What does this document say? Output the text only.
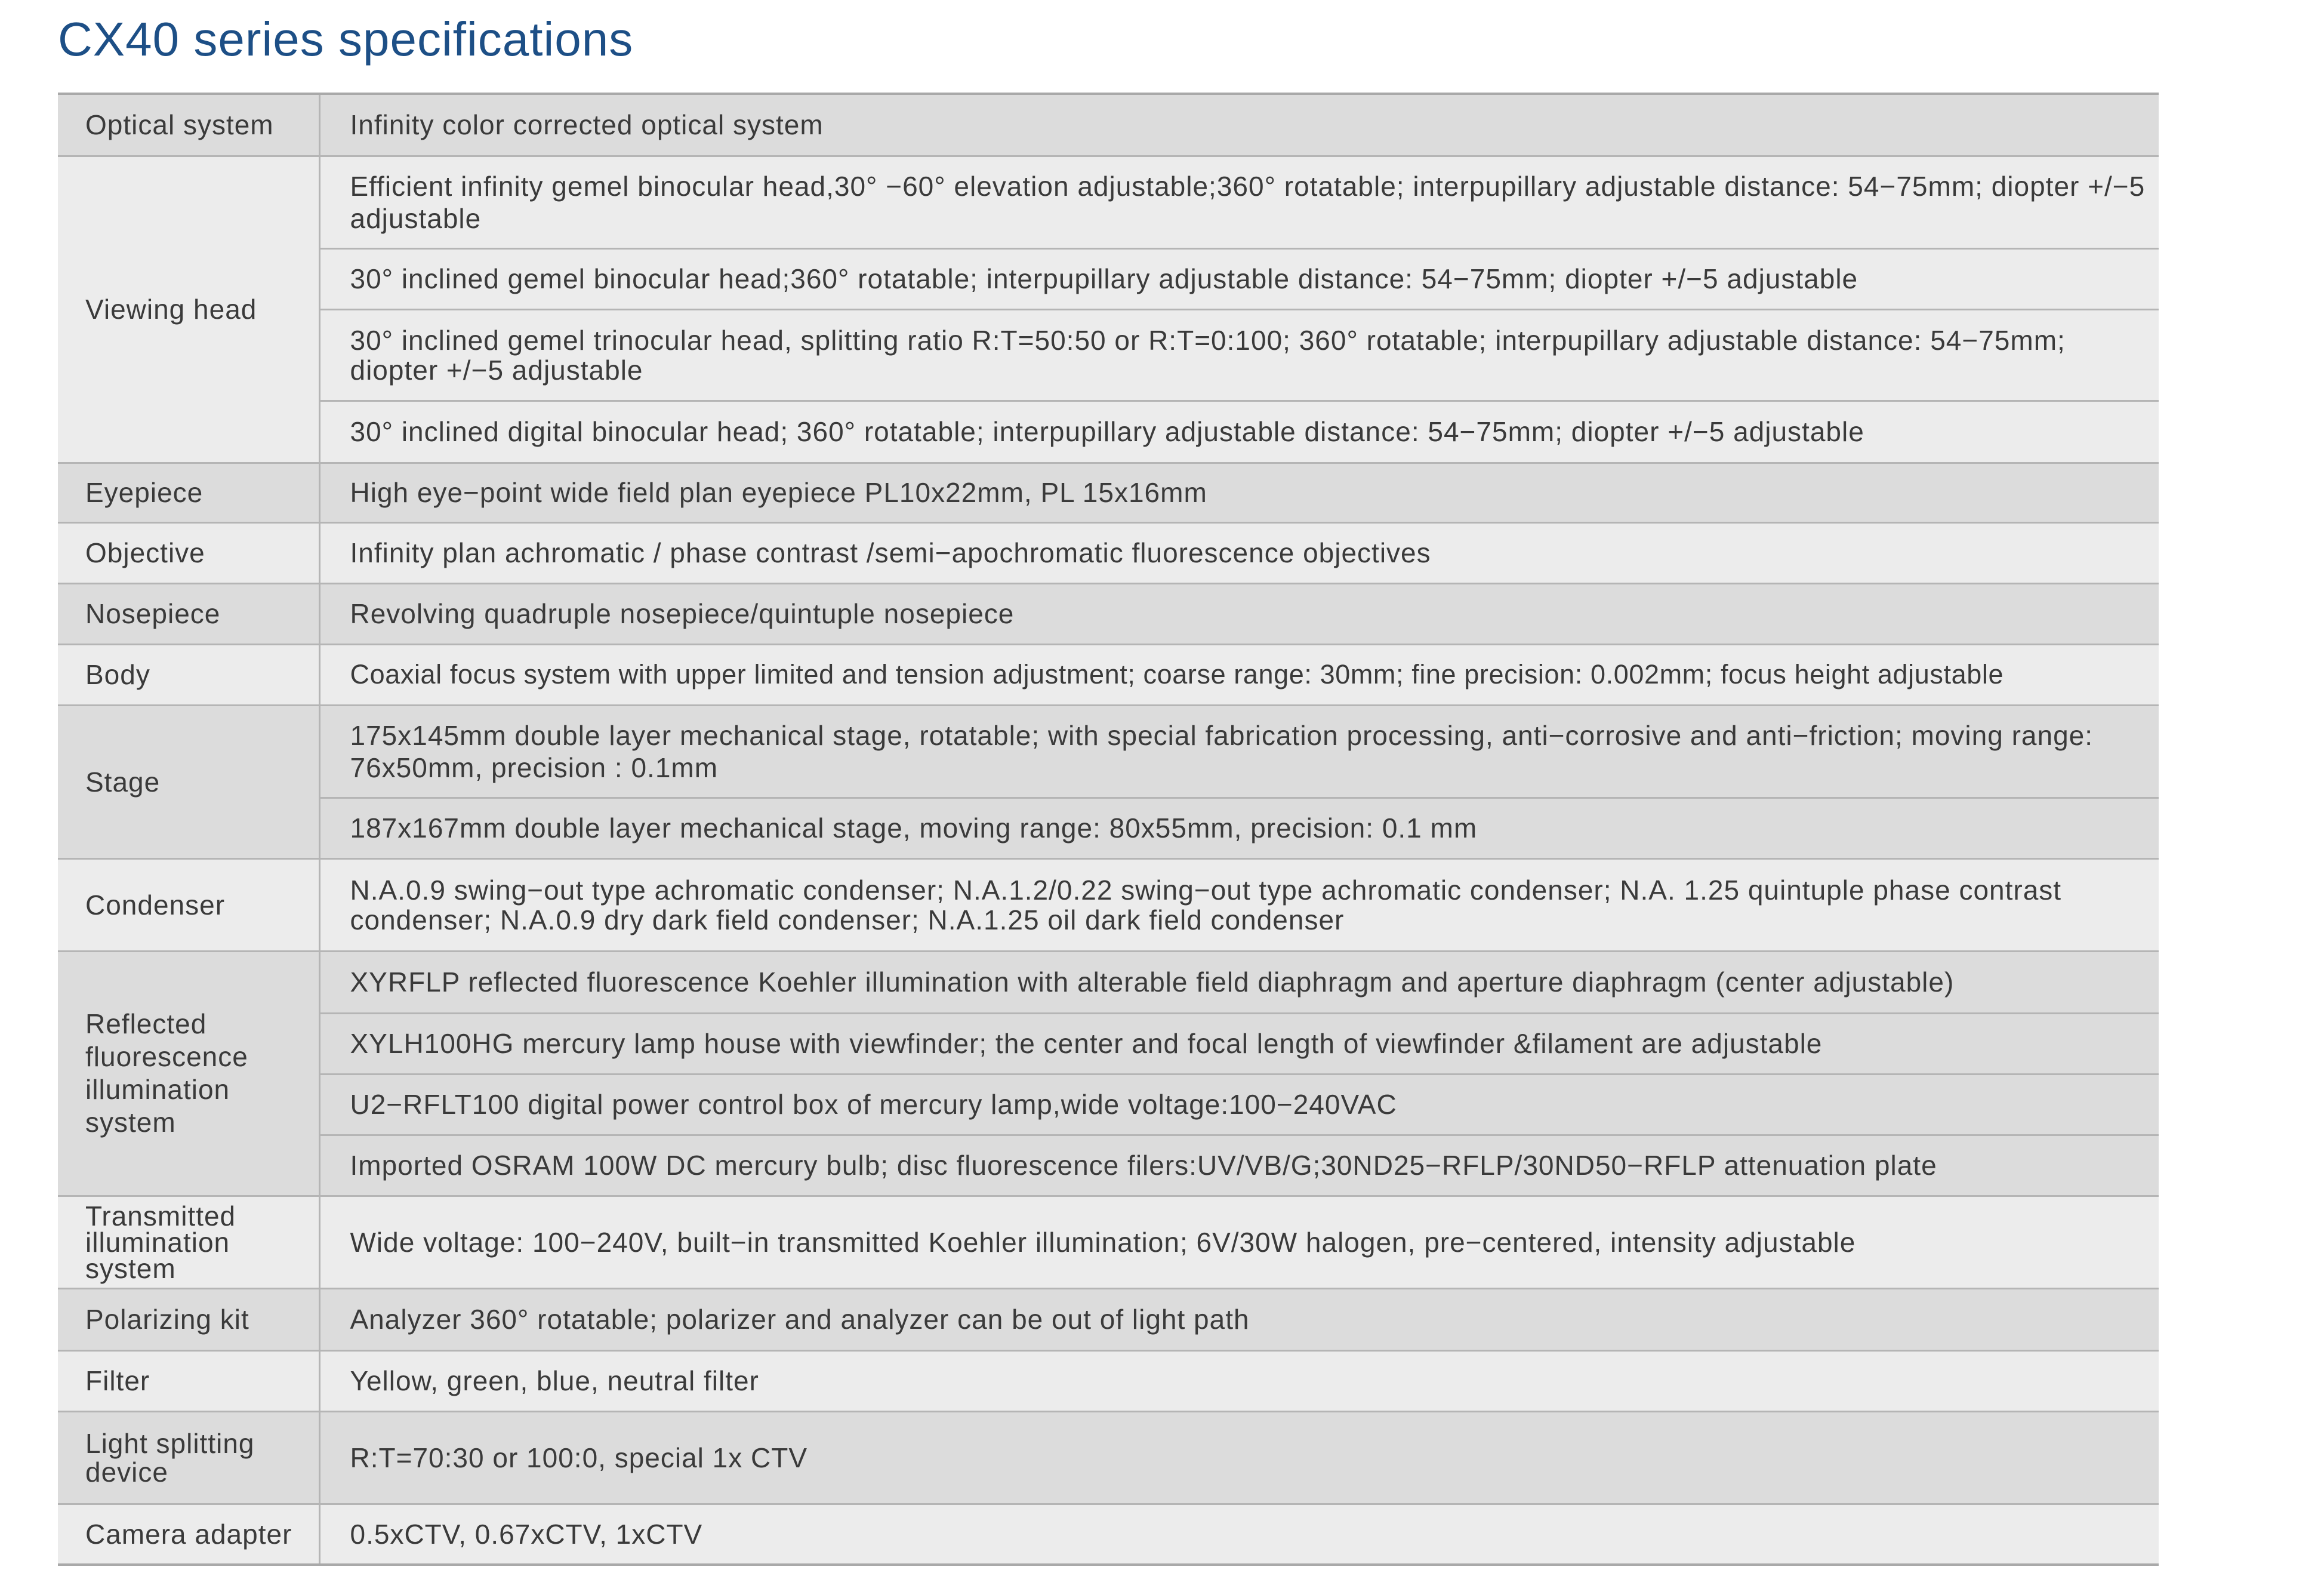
CX40 series specifications
Optical system	Infinity color corrected optical system
Viewing head	Efficient infinity gemel binocular head,30° −60° elevation adjustable;360° rotatable; interpupillary adjustable distance: 54−75mm; diopter +/−5 adjustable
	30° inclined gemel binocular head;360° rotatable; interpupillary adjustable distance: 54−75mm; diopter +/−5 adjustable
	30° inclined gemel trinocular head, splitting ratio R:T=50:50 or R:T=0:100; 360° rotatable; interpupillary adjustable distance: 54−75mm; diopter +/−5 adjustable
	30° inclined digital binocular head; 360° rotatable; interpupillary adjustable distance: 54−75mm; diopter +/−5 adjustable
Eyepiece	High eye−point wide field plan eyepiece PL10x22mm, PL 15x16mm
Objective	Infinity plan achromatic / phase contrast /semi−apochromatic fluorescence objectives
Nosepiece	Revolving quadruple nosepiece/quintuple nosepiece
Body	Coaxial focus system with upper limited and tension adjustment; coarse range: 30mm; fine precision: 0.002mm; focus height adjustable
Stage	175x145mm double layer mechanical stage, rotatable; with special fabrication processing, anti−corrosive and anti−friction; moving range: 76x50mm, precision : 0.1mm
	187x167mm double layer mechanical stage, moving range: 80x55mm, precision: 0.1 mm
Condenser	N.A.0.9 swing−out type achromatic condenser; N.A.1.2/0.22 swing−out type achromatic condenser; N.A. 1.25 quintuple phase contrast condenser; N.A.0.9 dry dark field condenser; N.A.1.25 oil dark field condenser
Reflected fluorescence illumination system	XYRFLP reflected fluorescence Koehler illumination with alterable field diaphragm and aperture diaphragm (center adjustable)
	XYLH100HG mercury lamp house with viewfinder; the center and focal length of viewfinder &filament are adjustable
	U2−RFLT100 digital power control box of mercury lamp,wide voltage:100−240VAC
	Imported OSRAM 100W DC mercury bulb; disc fluorescence filers:UV/VB/G;30ND25−RFLP/30ND50−RFLP attenuation plate
Transmitted illumination system	Wide voltage: 100−240V, built−in transmitted Koehler illumination; 6V/30W halogen, pre−centered, intensity adjustable
Polarizing kit	Analyzer 360° rotatable; polarizer and analyzer can be out of light path
Filter	Yellow, green, blue, neutral filter
Light splitting device	R:T=70:30 or 100:0, special 1x CTV
Camera adapter	0.5xCTV, 0.67xCTV, 1xCTV
